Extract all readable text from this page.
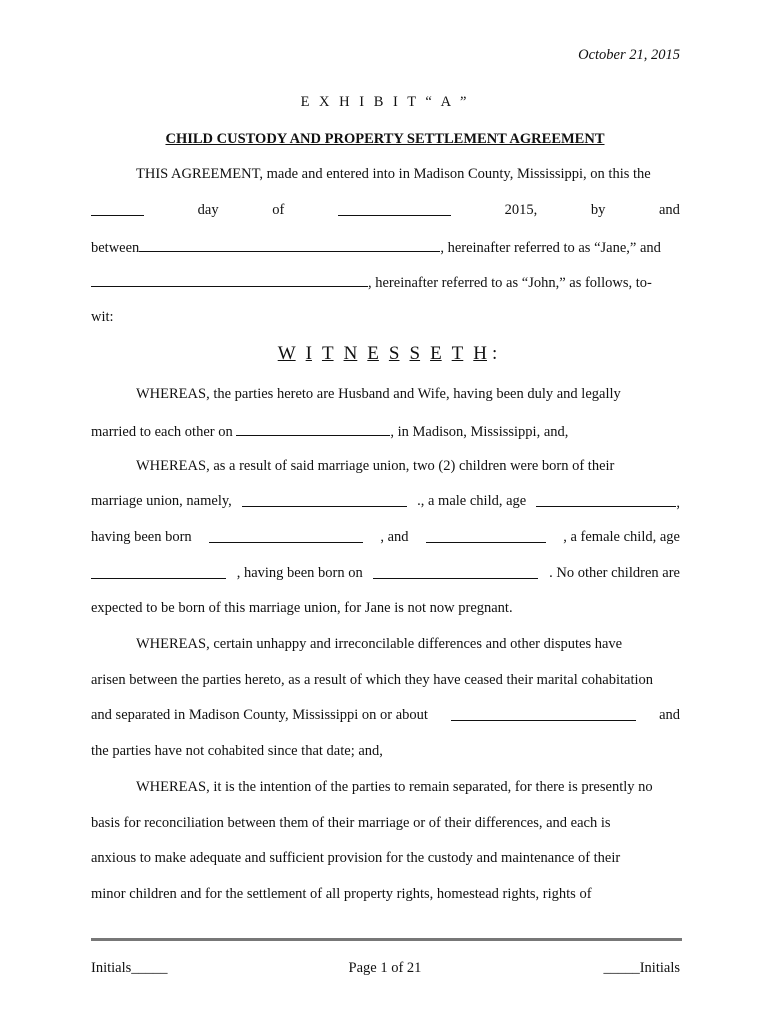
October 21, 2015
E X H I B I T “ A ”
CHILD CUSTODY AND PROPERTY SETTLEMENT AGREEMENT
THIS AGREEMENT, made and entered into in Madison County, Mississippi, on this the
day	of	2015,	by	and
between	, hereinafter referred to as “Jane,” and
, hereinafter referred to as “John,” as follows, to-
wit:
W I T N E S S E T H :
WHEREAS, the parties hereto are Husband and Wife, having been duly and legally
married to each other on	, in Madison, Mississippi, and,
WHEREAS, as a result of said marriage union, two (2) children were born of their
marriage union, namely,	., a male child, age	,
having been born	, and	, a female child, age
, having been born on	. No other children are
expected to be born of this marriage union, for Jane is not now pregnant.
WHEREAS, certain unhappy and irreconcilable differences and other disputes have
arisen between the parties hereto, as a result of which they have ceased their marital cohabitation
and separated in Madison County, Mississippi on or about	and
the parties have not cohabited since that date; and,
WHEREAS, it is the intention of the parties to remain separated, for there is presently no
basis for reconciliation between them of their marriage or of their differences, and each is
anxious to make adequate and sufficient provision for the custody and maintenance of their
minor children and for the settlement of all property rights, homestead rights, rights of
Initials_____	Page 1 of 21	_____Initials
